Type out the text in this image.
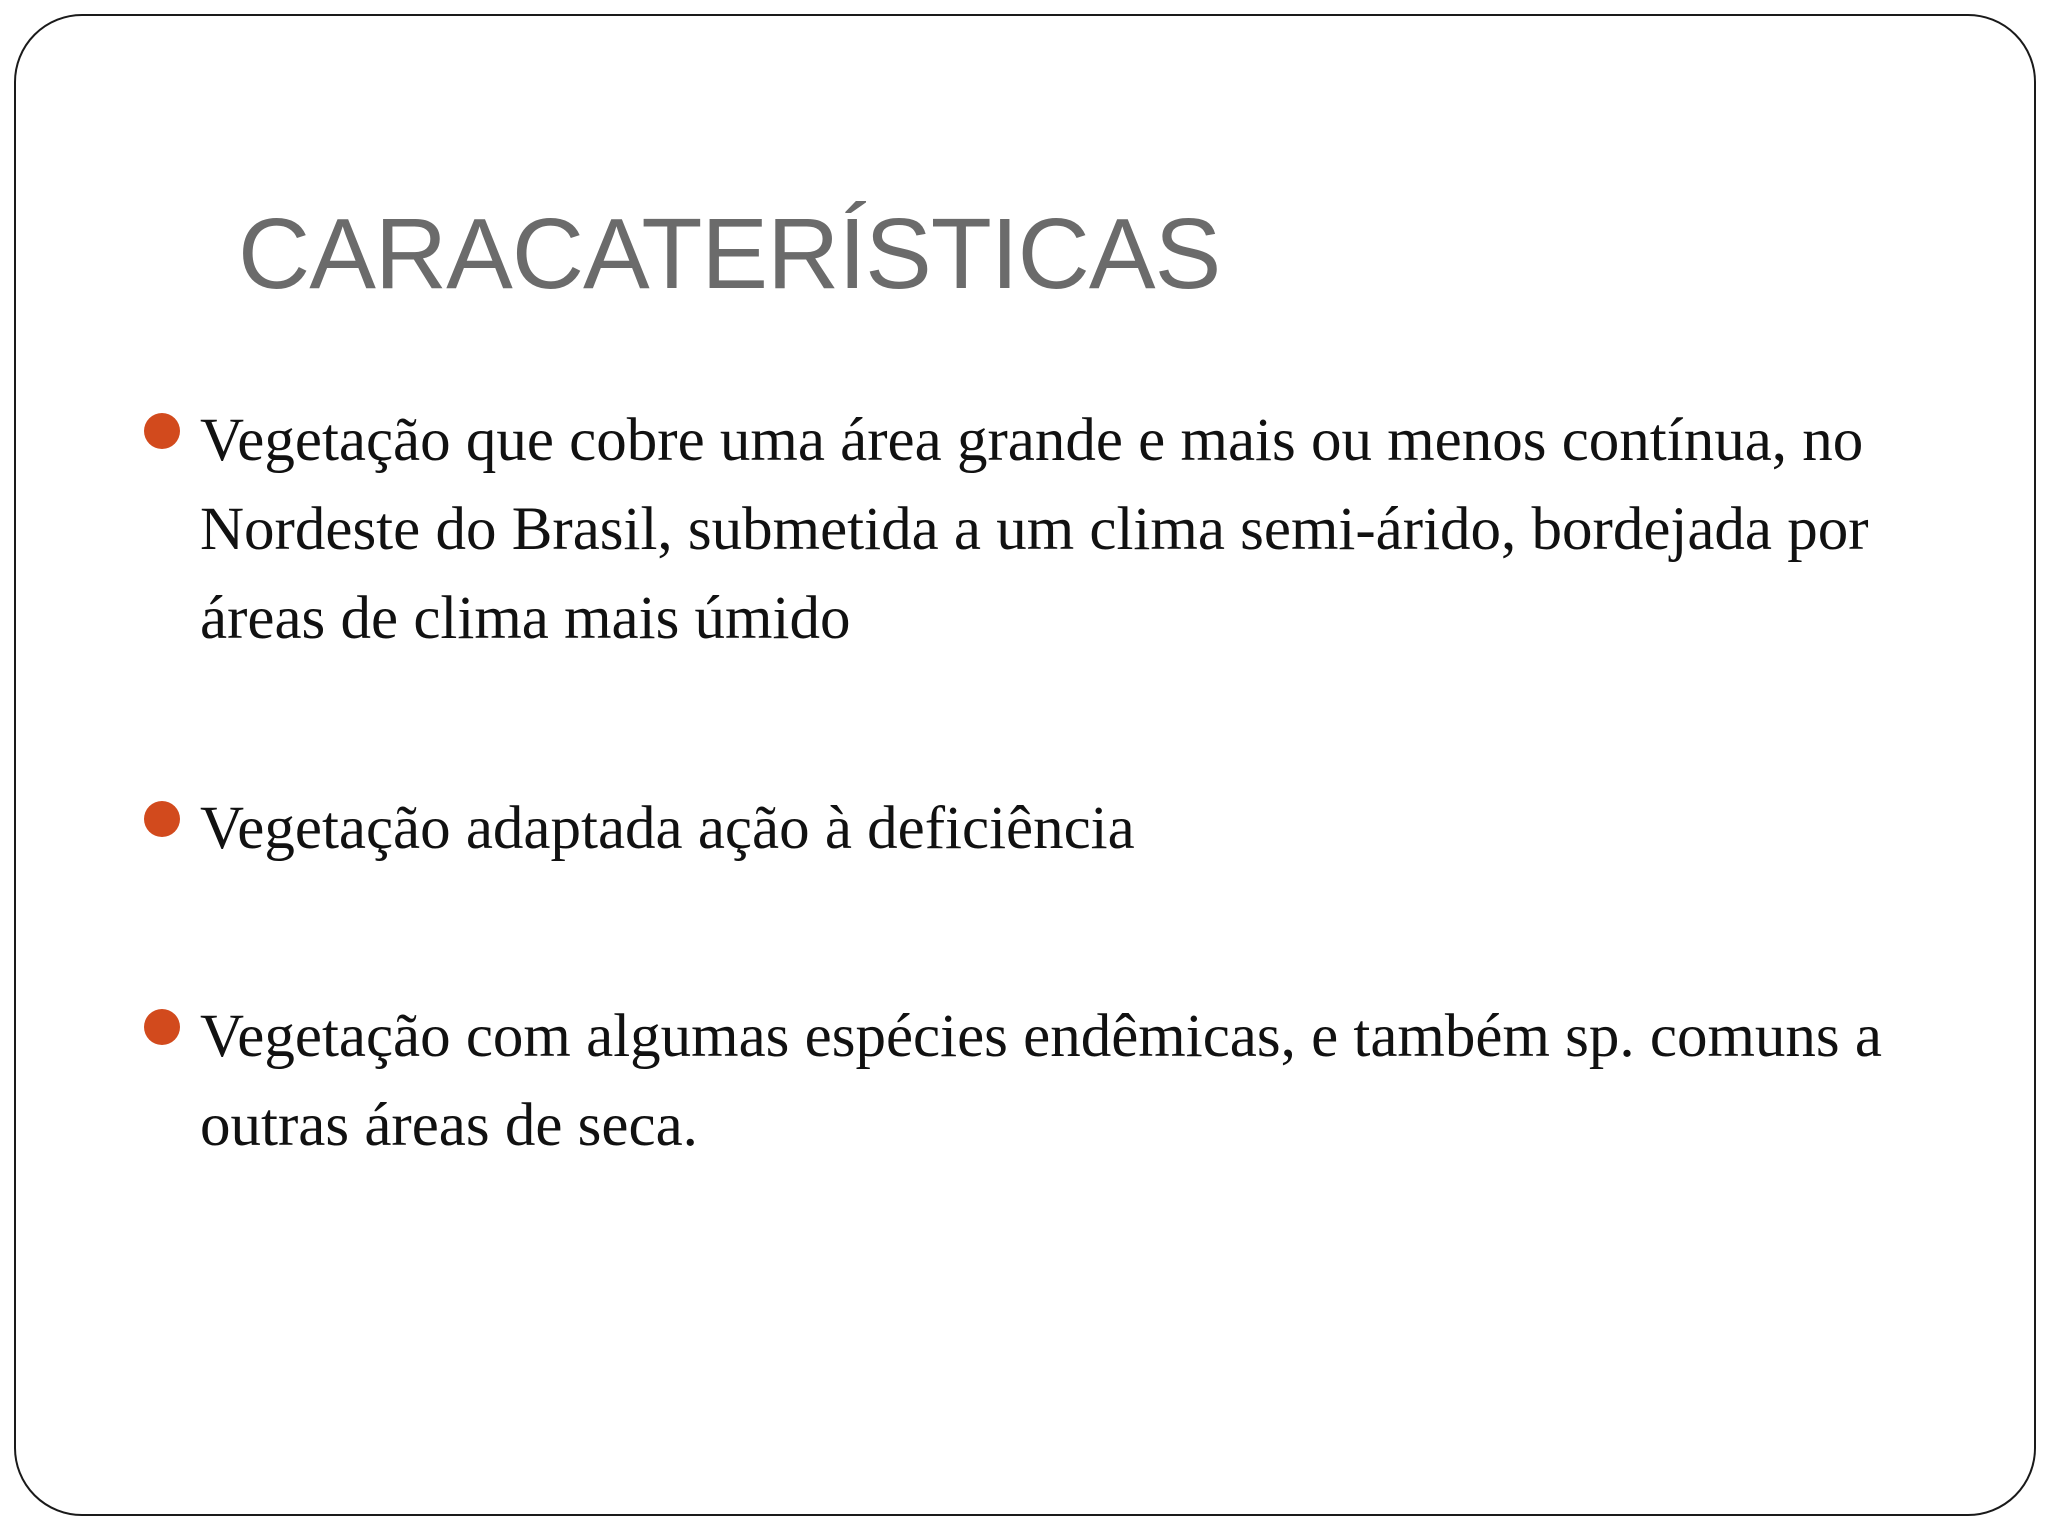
CARACATERÍSTICAS

Vegetação que cobre uma área grande e mais ou menos contínua, no Nordeste do Brasil, submetida a um clima semi-árido, bordejada por áreas de clima mais úmido

Vegetação adaptada ação à deficiência

Vegetação com algumas espécies endêmicas, e também sp. comuns a outras áreas de seca.
